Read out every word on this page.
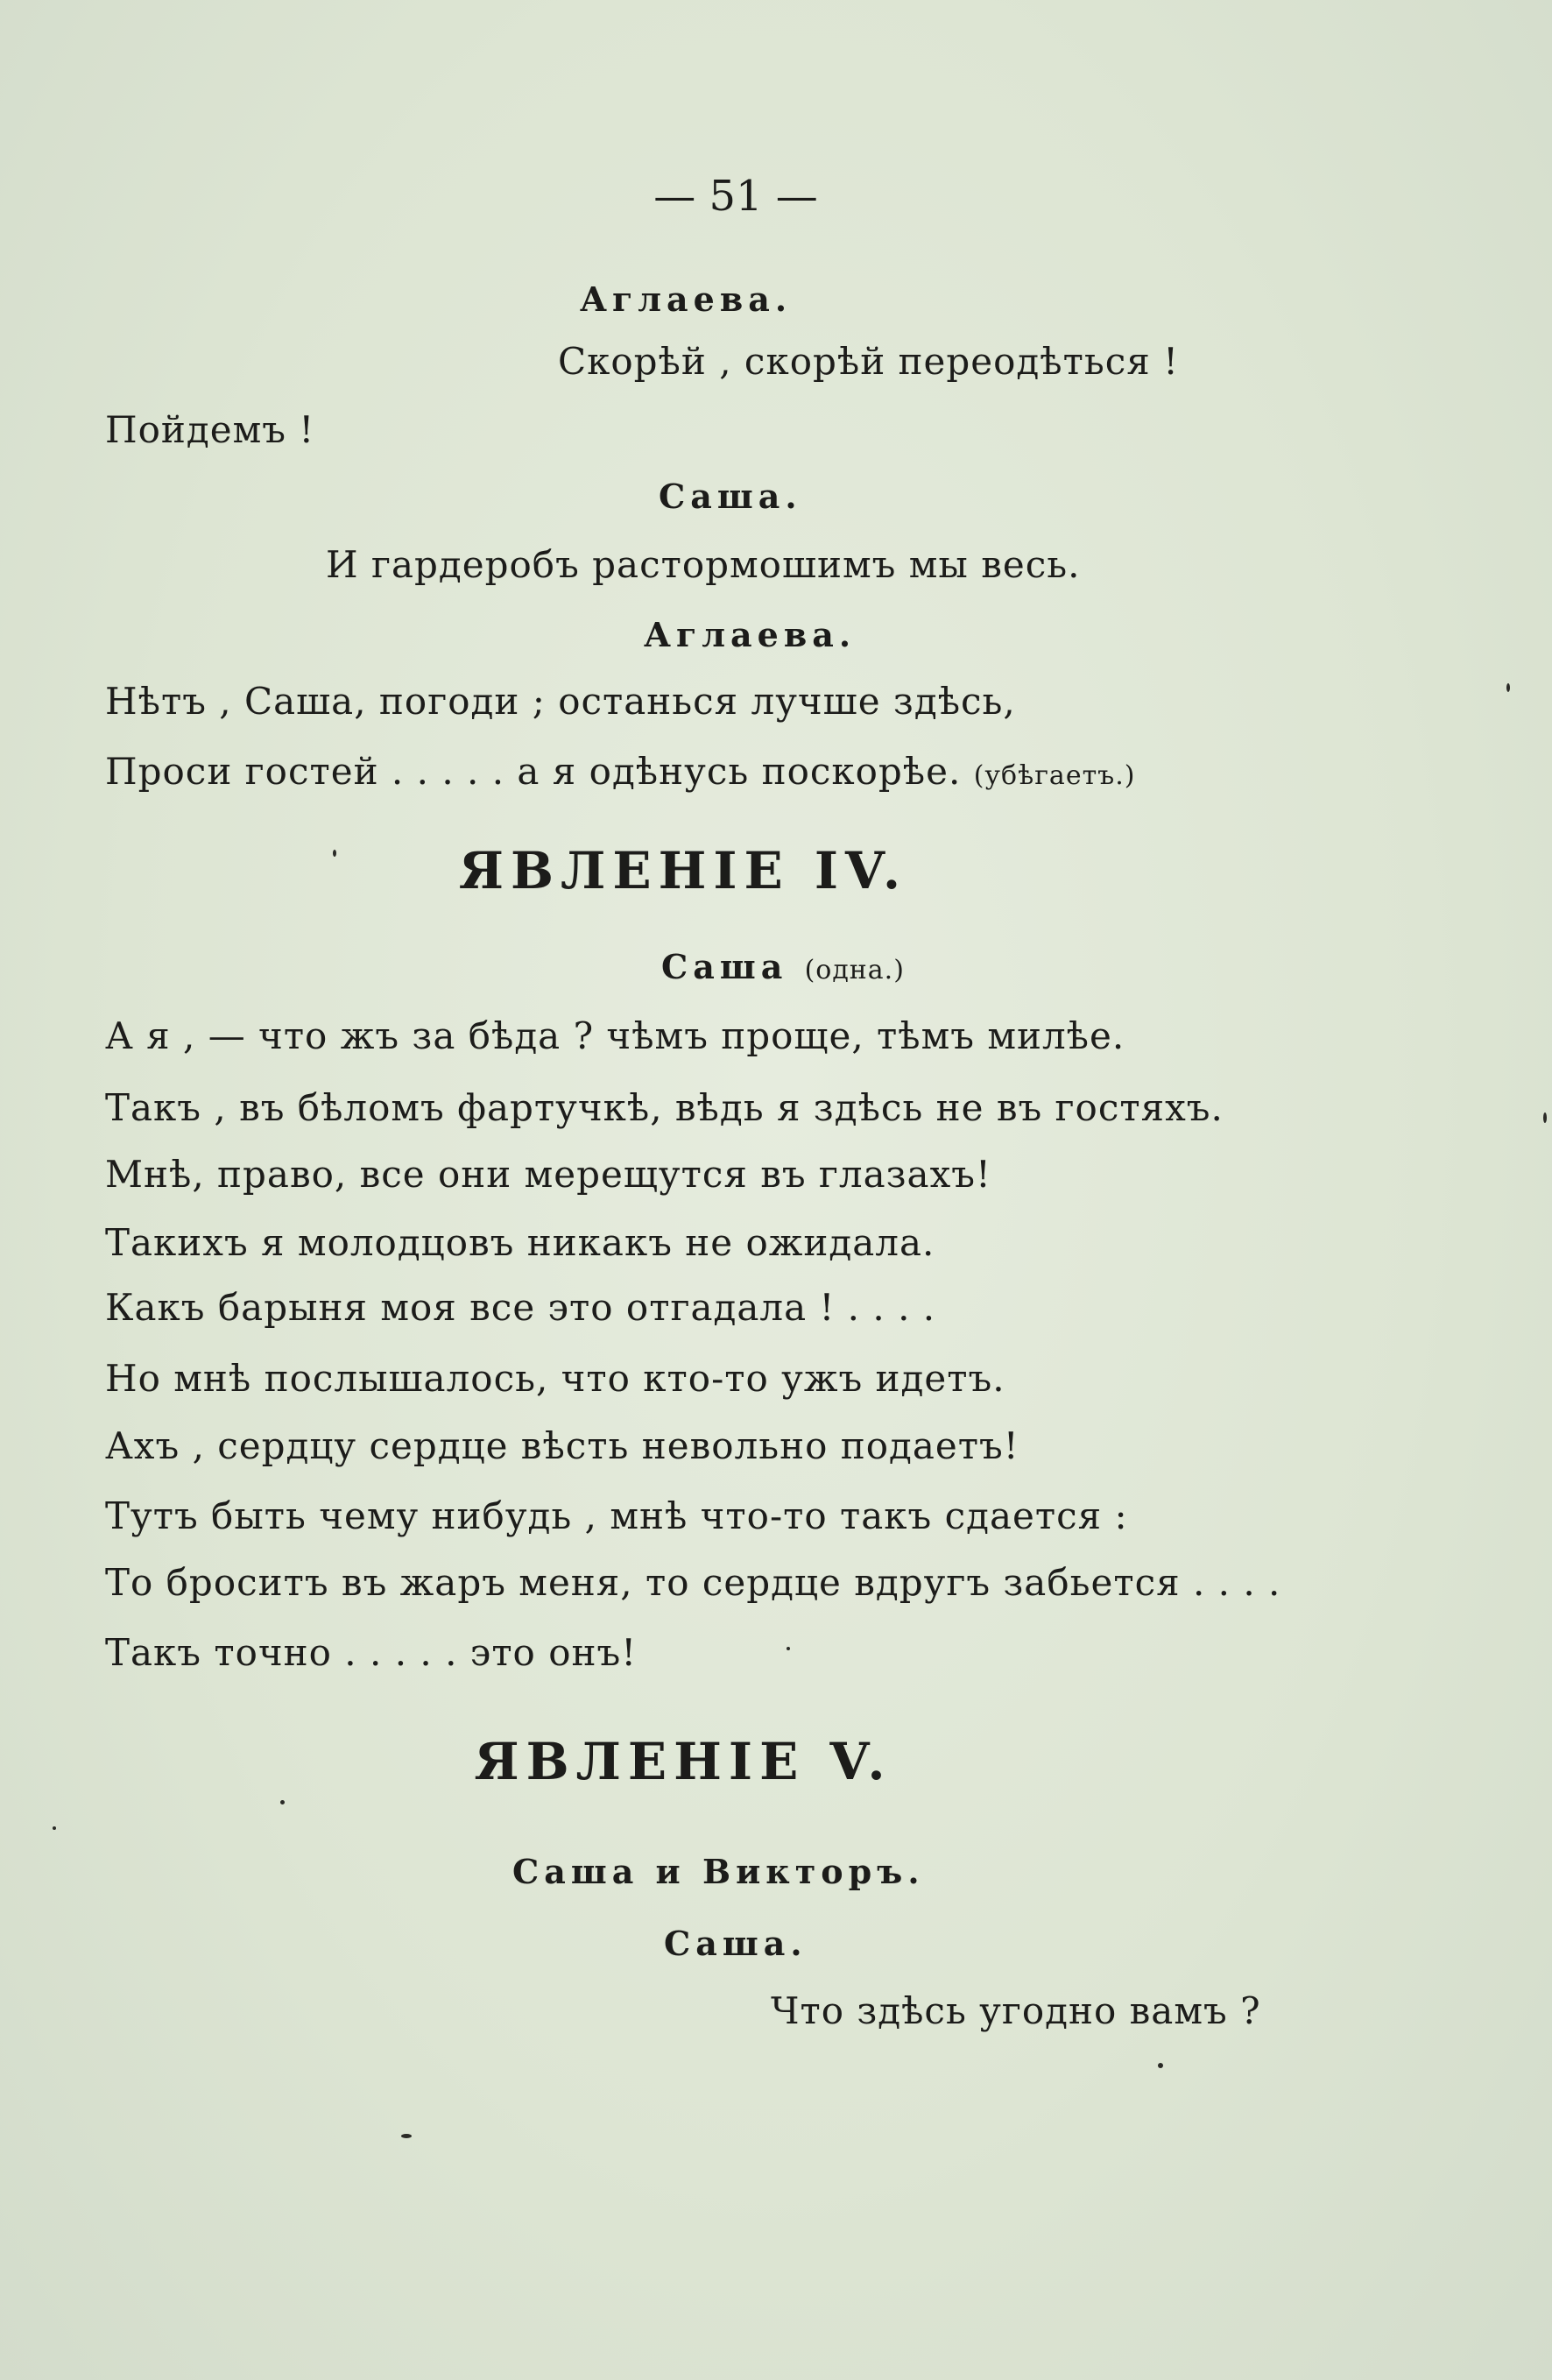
— 51 —
Аглаева.
Скорѣй , скорѣй переодѣться !
Пойдемъ !
Саша.
И гардеробъ растормошимъ мы весь.
Аглаева.
Нѣтъ , Саша, погоди ; останься лучше здѣсь,
Проси гостей . . . . . а я одѣнусь поскорѣе. (убѣгаетъ.)
ЯВЛЕНІЕ IV.
Саша (одна.)
А я , — что жъ за бѣда ? чѣмъ проще, тѣмъ милѣе.
Такъ , въ бѣломъ фартучкѣ, вѣдь я здѣсь не въ гостяхъ.
Мнѣ, право, все они мерещутся въ глазахъ!
Такихъ я молодцовъ никакъ не ожидала.
Какъ барыня моя все это отгадала ! . . . .
Но мнѣ послышалось, что кто-то ужъ идетъ.
Ахъ , сердцу сердце вѣсть невольно подаетъ!
Тутъ быть чему нибудь , мнѣ что-то такъ сдается :
То броситъ въ жаръ меня, то сердце вдругъ забьется . . . .
Такъ точно . . . . . это онъ!
ЯВЛЕНІЕ V.
Саша и Викторъ.
Саша.
Что здѣсь угодно вамъ ?
